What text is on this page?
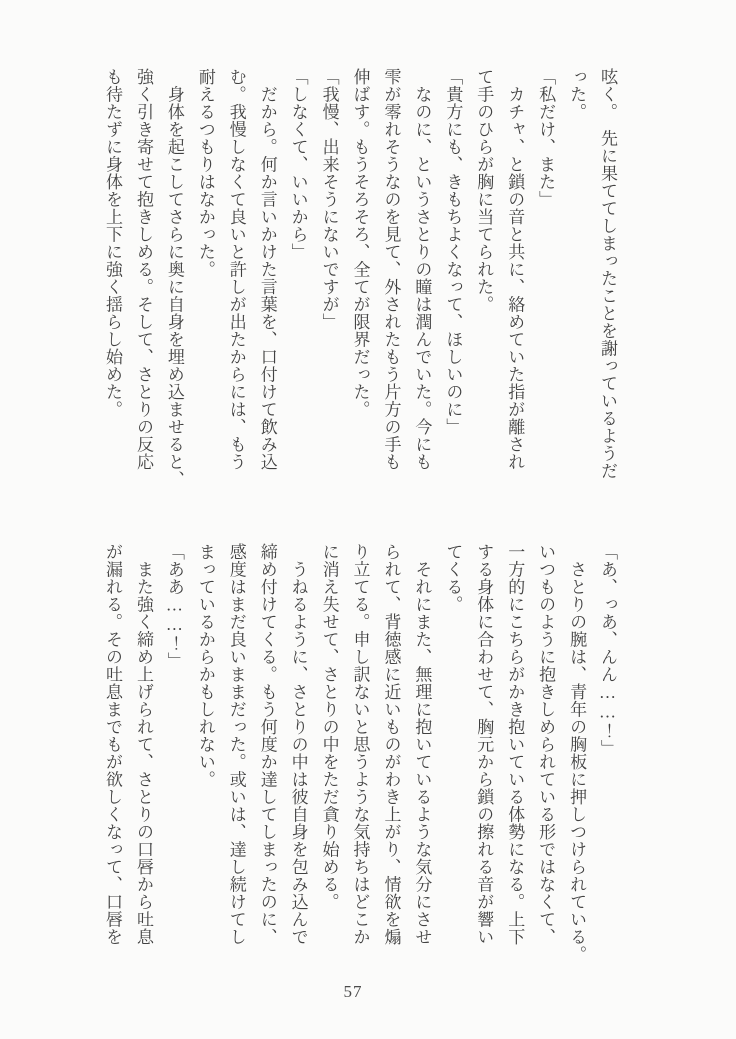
呟く。　先に果ててしまったことを謝っているようだ
った。
「私だけ、また」
　カチャ、と鎖の音と共に、絡めていた指が離され
て手のひらが胸に当てられた。
「貴方にも、きもちよくなって、ほしいのに」
　なのに、というさとりの瞳は潤んでいた。今にも
雫が零れそうなのを見て、外されたもう片方の手も
伸ばす。もうそろそろ、全てが限界だった。
「我慢、出来そうにないですが」
「しなくて、いいから」
　だから。何か言いかけた言葉を、口付けて飲み込
む。我慢しなくて良いと許しが出たからには、もう
耐えるつもりはなかった。
　身体を起こしてさらに奥に自身を埋め込ませると、
強く引き寄せて抱きしめる。そして、さとりの反応
も待たずに身体を上下に強く揺らし始めた。
「あ、っあ、んん……！」
　さとりの腕は、青年の胸板に押しつけられている。
いつものように抱きしめられている形ではなくて、
一方的にこちらがかき抱いている体勢になる。上下
する身体に合わせて、胸元から鎖の擦れる音が響い
てくる。
　それにまた、無理に抱いているような気分にさせ
られて、背徳感に近いものがわき上がり、情欲を煽
り立てる。申し訳ないと思うような気持ちはどこか
に消え失せて、さとりの中をただ貪り始める。
　うねるように、さとりの中は彼自身を包み込んで
締め付けてくる。もう何度か達してしまったのに、
感度はまだ良いままだった。或いは、達し続けてし
まっているからかもしれない。
「ああ……！」
　また強く締め上げられて、さとりの口唇から吐息
が漏れる。その吐息までもが欲しくなって、口唇を
57
